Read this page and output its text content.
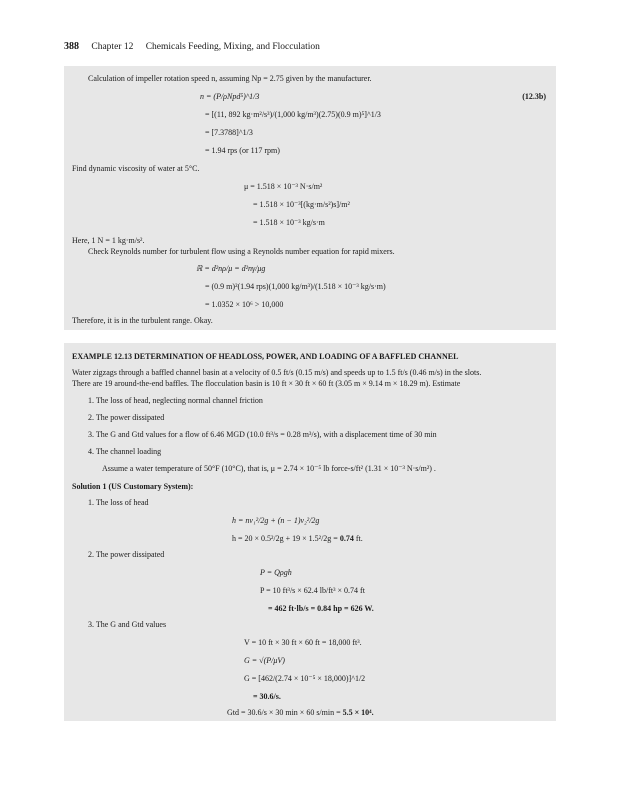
388 Chapter 12 Chemicals Feeding, Mixing, and Flocculation
Calculation of impeller rotation speed n, assuming Np = 2.75 given by the manufacturer.
n = (P/ρNpd⁵)^1/3	(12.3b)
= [(11, 892 kg·m²/s³)/(1,000 kg/m³)(2.75)(0.9 m)⁵]^1/3
= [7.3788]^1/3
= 1.94 rps (or 117 rpm)
Find dynamic viscosity of water at 5°C.
μ = 1.518 × 10⁻³ N·s/m²
= 1.518 × 10⁻³[(kg·m/s²)s]/m²
= 1.518 × 10⁻³ kg/s·m
Here, 1 N = 1 kg·m/s².
Check Reynolds number for turbulent flow using a Reynolds number equation for rapid mixers.
ℝ = d²nρ/μ = d²nγ/μg
= (0.9 m)²(1.94 rps)(1,000 kg/m³)/(1.518 × 10⁻³ kg/s·m)
= 1.0352 × 10⁶ > 10,000
Therefore, it is in the turbulent range. Okay.
EXAMPLE 12.13 DETERMINATION OF HEADLOSS, POWER, AND LOADING OF A BAFFLED CHANNEL
Water zigzags through a baffled channel basin at a velocity of 0.5 ft/s (0.15 m/s) and speeds up to 1.5 ft/s (0.46 m/s) in the slots.
There are 19 around-the-end baffles. The flocculation basin is 10 ft × 30 ft × 60 ft (3.05 m × 9.14 m × 18.29 m). Estimate
1. The loss of head, neglecting normal channel friction
2. The power dissipated
3. The G and Gtd values for a flow of 6.46 MGD (10.0 ft³/s = 0.28 m³/s), with a displacement time of 30 min
4. The channel loading
Assume a water temperature of 50°F (10°C), that is, μ = 2.74 × 10⁻⁵ lb force-s/ft² (1.31 × 10⁻³ N·s/m²) .
Solution 1 (US Customary System):
1. The loss of head
h = nv₁²/2g + (n − 1)v₂²/2g
h = 20 × 0.5²/2g + 19 × 1.5²/2g = 0.74 ft.
2. The power dissipated
P = Qρgh
P = 10 ft³/s × 62.4 lb/ft³ × 0.74 ft
= 462 ft·lb/s = 0.84 hp = 626 W.
3. The G and Gtd values
V = 10 ft × 30 ft × 60 ft = 18,000 ft³.
G = √(P/μV)
G = [462/(2.74 × 10⁻⁵ × 18,000)]^1/2
= 30.6/s.
Gtd = 30.6/s × 30 min × 60 s/min = 5.5 × 10⁴.
